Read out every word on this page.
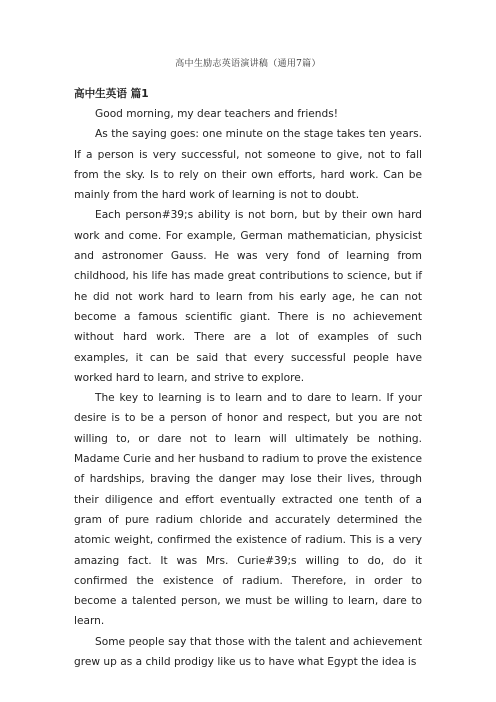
高中生励志英语演讲稿（通用7篇）
高中生英语 篇1

Good morning, my dear teachers and friends!

As the saying goes: one minute on the stage takes ten years. If a person is very successful, not someone to give, not to fall from the sky. Is to rely on their own efforts, hard work. Can be mainly from the hard work of learning is not to doubt.

Each person#39;s ability is not born, but by their own hard work and come. For example, German mathematician, physicist and astronomer Gauss. He was very fond of learning from childhood, his life has made great contributions to science, but if he did not work hard to learn from his early age, he can not become a famous scientific giant. There is no achievement without hard work. There are a lot of examples of such examples, it can be said that every successful people have worked hard to learn, and strive to explore.

The key to learning is to learn and to dare to learn. If your desire is to be a person of honor and respect, but you are not willing to, or dare not to learn will ultimately be nothing. Madame Curie and her husband to radium to prove the existence of hardships, braving the danger may lose their lives, through their diligence and effort eventually extracted one tenth of a gram of pure radium chloride and accurately determined the atomic weight, confirmed the existence of radium. This is a very amazing fact. It was Mrs. Curie#39;s willing to do, do it confirmed the existence of radium. Therefore, in order to become a talented person, we must be willing to learn, dare to learn.

Some people say that those with the talent and achievement grew up as a child prodigy like us to have what Egypt the idea is
